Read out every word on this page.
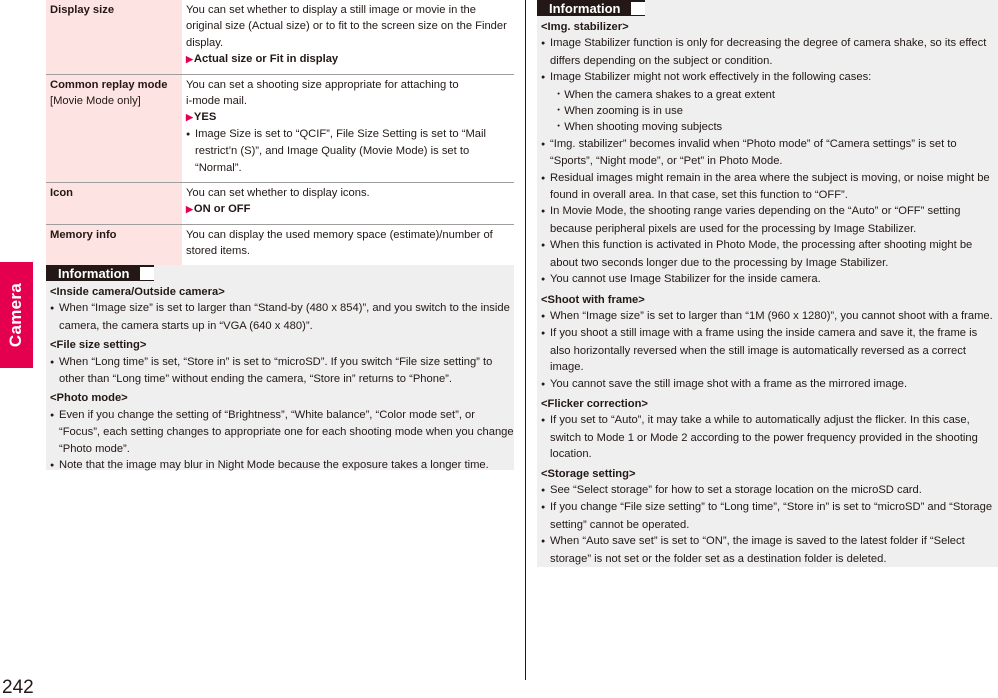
Camera
242
Display size	You can set whether to display a still image or movie in the original size (Actual size) or to fit to the screen size on the Finder display.
▶ Actual size or Fit in display

Common replay mode
[Movie Mode only]	You can set a shooting size appropriate for attaching to
i-mode mail.
▶ YES
● Image Size is set to “QCIF”, File Size Setting is set to “Mail restrict’n (S)”, and Image Quality (Movie Mode) is set to “Normal”.

Icon	You can set whether to display icons.
▶ ON or OFF

Memory info	You can display the used memory space (estimate)/number of stored items.
Information
<Inside camera/Outside camera>
● When “Image size” is set to larger than “Stand-by (480 x 854)”, and you switch to the inside camera, the camera starts up in “VGA (640 x 480)”.
<File size setting>
● When “Long time” is set, “Store in” is set to “microSD”. If you switch “File size setting” to other than “Long time” without ending the camera, “Store in” returns to “Phone”.
<Photo mode>
● Even if you change the setting of “Brightness”, “White balance”, “Color mode set”, or “Focus”, each setting changes to appropriate one for each shooting mode when you change “Photo mode”.
● Note that the image may blur in Night Mode because the exposure takes a longer time.
Information
<Img. stabilizer>
● Image Stabilizer function is only for decreasing the degree of camera shake, so its effect differs depending on the subject or condition.
● Image Stabilizer might not work effectively in the following cases:
・When the camera shakes to a great extent
・When zooming is in use
・When shooting moving subjects
● “Img. stabilizer” becomes invalid when “Photo mode” of “Camera settings” is set to “Sports”, “Night mode”, or “Pet” in Photo Mode.
● Residual images might remain in the area where the subject is moving, or noise might be found in overall area. In that case, set this function to “OFF”.
● In Movie Mode, the shooting range varies depending on the “Auto” or “OFF” setting because peripheral pixels are used for the processing by Image Stabilizer.
● When this function is activated in Photo Mode, the processing after shooting might be about two seconds longer due to the processing by Image Stabilizer.
● You cannot use Image Stabilizer for the inside camera.
<Shoot with frame>
● When “Image size” is set to larger than “1M (960 x 1280)”, you cannot shoot with a frame.
● If you shoot a still image with a frame using the inside camera and save it, the frame is also horizontally reversed when the still image is automatically reversed as a correct image.
● You cannot save the still image shot with a frame as the mirrored image.
<Flicker correction>
● If you set to “Auto”, it may take a while to automatically adjust the flicker. In this case, switch to Mode 1 or Mode 2 according to the power frequency provided in the shooting location.
<Storage setting>
● See “Select storage” for how to set a storage location on the microSD card.
● If you change “File size setting” to “Long time”, “Store in” is set to “microSD” and “Storage setting” cannot be operated.
● When “Auto save set” is set to “ON”, the image is saved to the latest folder if “Select storage” is not set or the folder set as a destination folder is deleted.
